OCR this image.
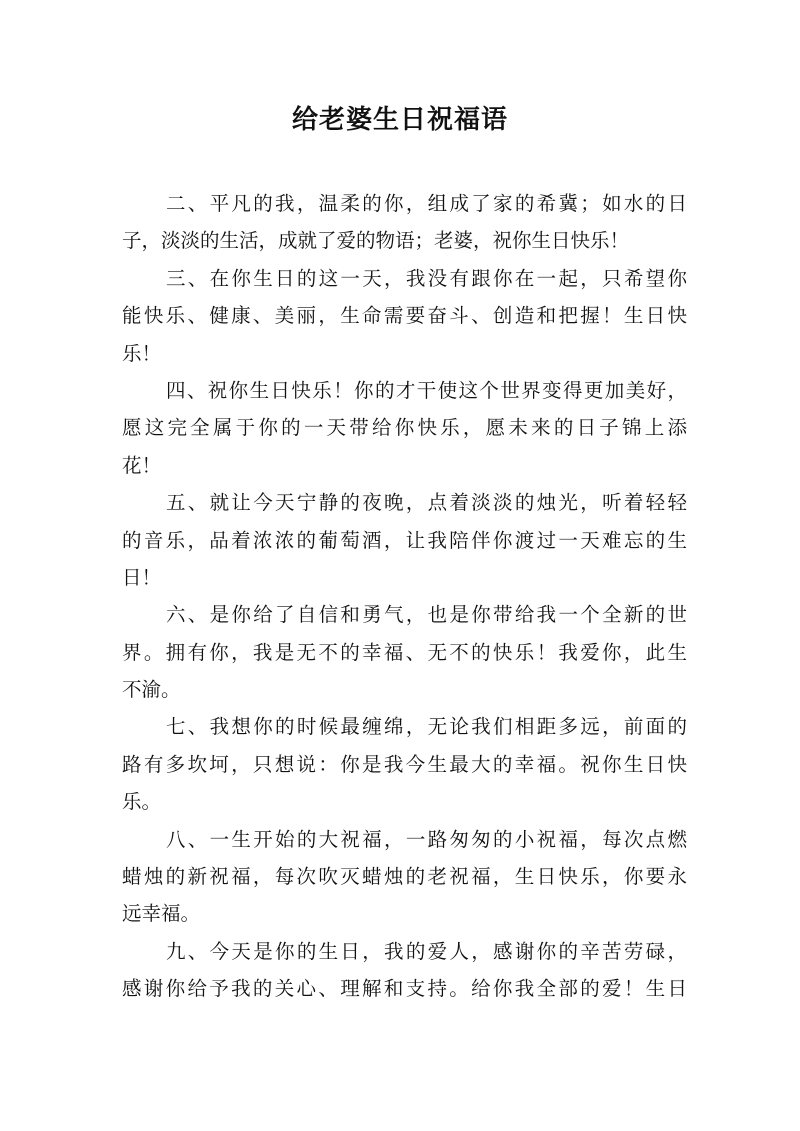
给老婆生日祝福语
二、平凡的我，温柔的你，组成了家的希冀；如水的日
子，淡淡的生活，成就了爱的物语；老婆，祝你生日快乐！
三、在你生日的这一天，我没有跟你在一起，只希望你
能快乐、健康、美丽，生命需要奋斗、创造和把握！生日快
乐！
四、祝你生日快乐！你的才干使这个世界变得更加美好，
愿这完全属于你的一天带给你快乐，愿未来的日子锦上添
花！
五、就让今天宁静的夜晚，点着淡淡的烛光，听着轻轻
的音乐，品着浓浓的葡萄酒，让我陪伴你渡过一天难忘的生
日！
六、是你给了自信和勇气，也是你带给我一个全新的世
界。拥有你，我是无不的幸福、无不的快乐！我爱你，此生
不渝。
七、我想你的时候最缠绵，无论我们相距多远，前面的
路有多坎坷，只想说：你是我今生最大的幸福。祝你生日快
乐。
八、一生开始的大祝福，一路匆匆的小祝福，每次点燃
蜡烛的新祝福，每次吹灭蜡烛的老祝福，生日快乐，你要永
远幸福。
九、今天是你的生日，我的爱人，感谢你的辛苦劳碌，
感谢你给予我的关心、理解和支持。给你我全部的爱！生日
